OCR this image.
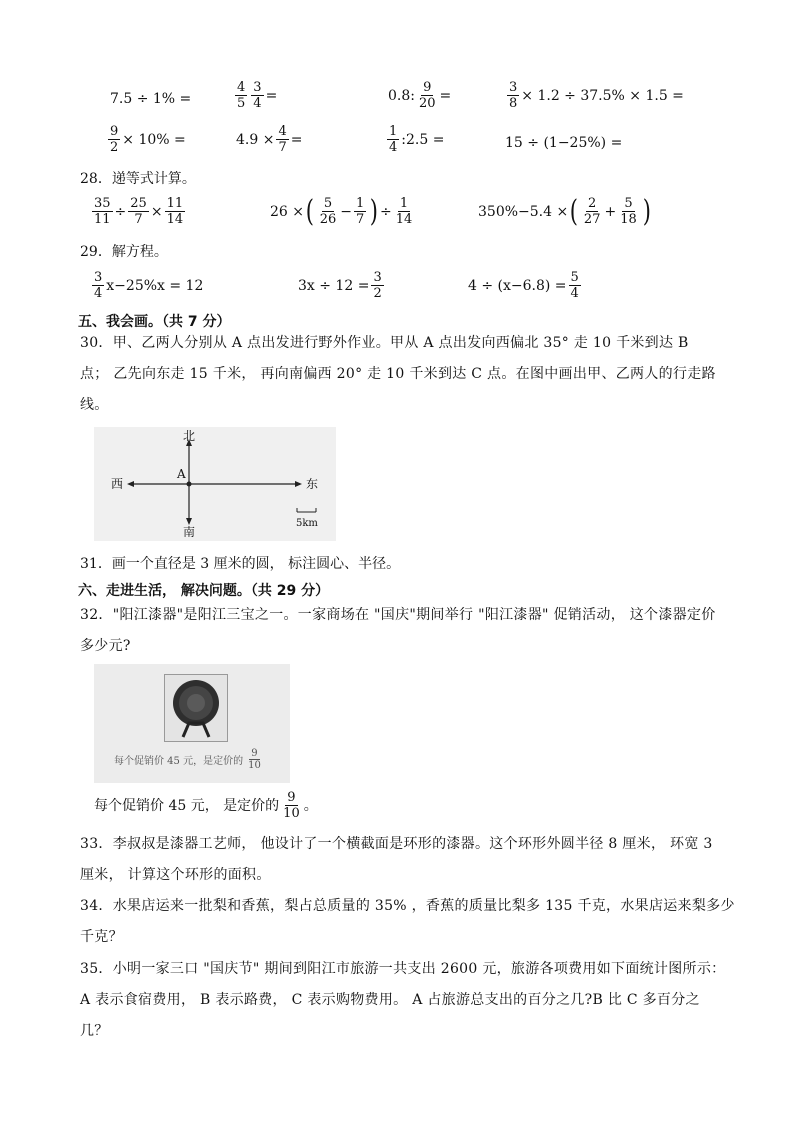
7.5 ÷ 1% =	$\frac{4}{5} \frac{3}{4}$ =	0.8: $\frac{9}{20}$ =	$\frac{3}{8} \times 1.2 \div 37.5\% \times 1.5$ =
$\frac{9}{2} \times 10\%$ =	$4.9 \times \frac{4}{7}$ =	$\frac{1}{4}$ :2.5 =	15 ÷ (1−25%) =
28．递等式计算。
$\frac{35}{11} \div \frac{25}{7} \times \frac{11}{14}$	26 × ( $\frac{5}{26} - \frac{1}{7}$ ) ÷ $\frac{1}{14}$	350%−5.4 × ( $\frac{2}{27} + \frac{5}{18}$ )
29．解方程。
$\frac{3}{4} x-25\%x = 12$	$3x \div 12 = \frac{3}{2}$	$4 \div (x-6.8) = \frac{5}{4}$
五、我会画。（共 7 分）
30．甲、乙两人分别从 A 点出发进行野外作业。甲从 A 点出发向西偏北 35° 走 10 千米到达 B
点； 乙先向东走 15 千米， 再向南偏西 20° 走 10 千米到达 C 点。在图中画出甲、乙两人的行走路
线。
北
南
西	东
A
5km
31．画一个直径是 3 厘米的圆， 标注圆心、半径。
六、走进生活， 解决问题。（共 29 分）
32．"阳江漆器"是阳江三宝之一。一家商场在 "国庆"期间举行 "阳江漆器" 促销活动， 这个漆器定价
多少元?
每个促销价 45 元，是定价的 $\frac{9}{10}$
每个促销价 45 元， 是定价的 $\frac{9}{10}$ 。
33．李叔叔是漆器工艺师， 他设计了一个横截面是环形的漆器。这个环形外圆半径 8 厘米， 环宽 3
厘米， 计算这个环形的面积。
34．水果店运来一批梨和香蕉，梨占总质量的 35% ，香蕉的质量比梨多 135 千克，水果店运来梨多少
千克？
35．小明一家三口 "国庆节" 期间到阳江市旅游一共支出 2600 元，旅游各项费用如下面统计图所示：
A 表示食宿费用， B 表示路费， C 表示购物费用。 A 占旅游总支出的百分之几?B 比 C 多百分之
几？
